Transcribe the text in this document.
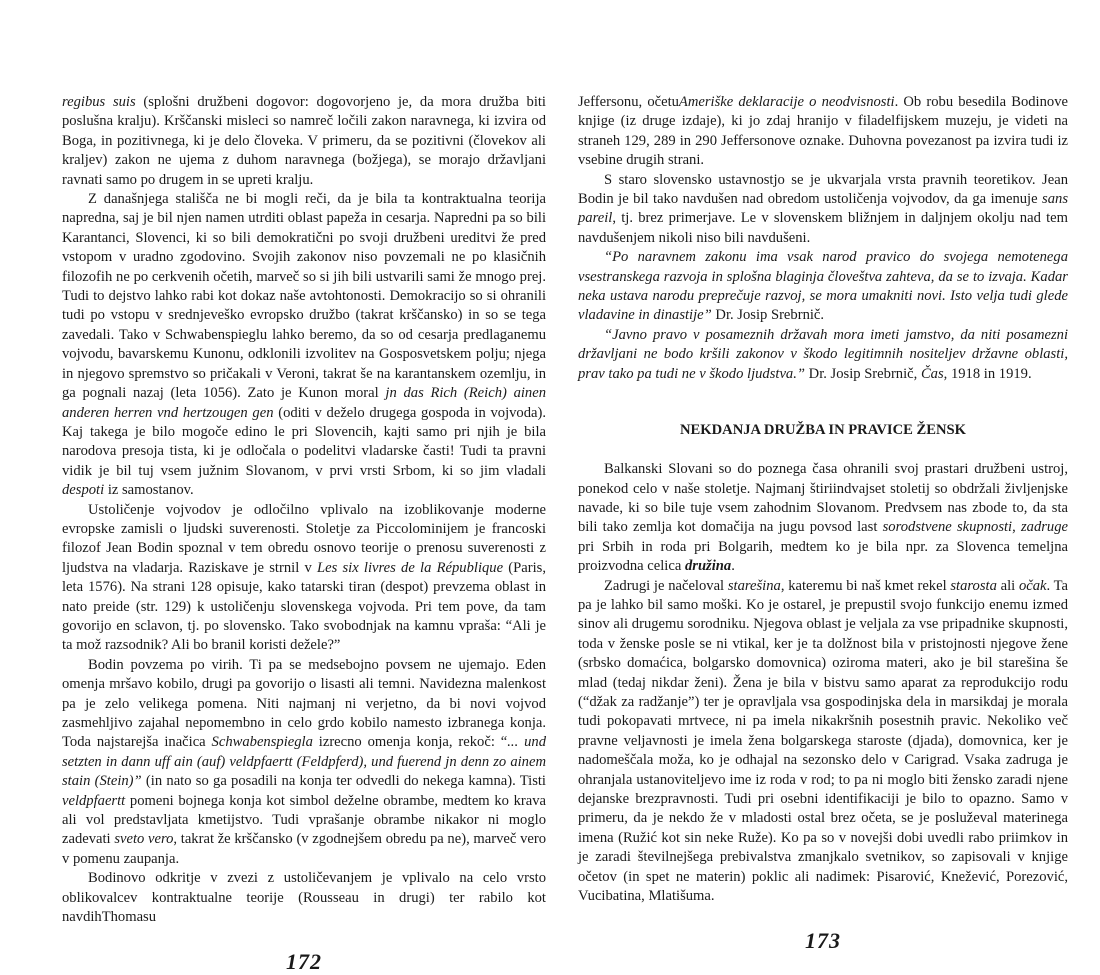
regibus suis (splošni družbeni dogovor: dogovorjeno je, da mora družba biti poslušna kralju). Krščanski misleci so namreč ločili zakon naravnega, ki izvira od Boga, in pozitivnega, ki je delo človeka. V primeru, da se pozitivni (človekov ali kraljev) zakon ne ujema z duhom naravnega (božjega), se morajo državljani ravnati samo po drugem in se upreti kralju.

Z današnjega stališča ne bi mogli reči, da je bila ta kontraktualna teorija napredna, saj je bil njen namen utrditi oblast papeža in cesarja. Napredni pa so bili Karantanci, Slovenci, ki so bili demokratični po svoji družbeni ureditvi že pred vstopom v uradno zgodovino. Svojih zakonov niso povzemali ne po klasičnih filozofih ne po cerkvenih očetih, marveč so si jih bili ustvarili sami že mnogo prej. Tudi to dejstvo lahko rabi kot dokaz naše avtohtonosti. Demokracijo so si ohranili tudi po vstopu v srednjeveško evropsko družbo (takrat krščansko) in so se tega zavedali. Tako v Schwabenspieglu lahko beremo, da so od cesarja predlaganemu vojvodu, bavarskemu Kunonu, odklonili izvolitev na Gosposvetskem polju; njega in njegovo spremstvo so pričakali v Veroni, takrat še na karantanskem ozemlju, in ga pognali nazaj (leta 1056). Zato je Kunon moral jn das Rich (Reich) ainen anderen herren vnd hertzougen gen (oditi v deželo drugega gospoda in vojvoda). Kaj takega je bilo mogoče edino le pri Slovencih, kajti samo pri njih je bila narodova presoja tista, ki je odločala o podelitvi vladarske časti! Tudi ta pravni vidik je bil tuj vsem južnim Slovanom, v prvi vrsti Srbom, ki so jim vladali despoti iz samostanov.

Ustoličenje vojvodov je odločilno vplivalo na izoblikovanje moderne evropske zamisli o ljudski suverenosti. Stoletje za Piccolominijem je francoski filozof Jean Bodin spoznal v tem obredu osnovo teorije o prenosu suverenosti z ljudstva na vladarja. Raziskave je strnil v Les six livres de la République (Paris, leta 1576). Na strani 128 opisuje, kako tatarski tiran (despot) prevzema oblast in nato preide (str. 129) k ustoličenju slovenskega vojvoda. Pri tem pove, da tam govorijo en sclavon, tj. po slovensko. Tako svobodnjak na kamnu vpraša: “Ali je ta mož razsodnik? Ali bo branil koristi dežele?”

Bodin povzema po virih. Ti pa se medsebojno povsem ne ujemajo. Eden omenja mršavo kobilo, drugi pa govorijo o lisasti ali temni. Navidezna malenkost pa je zelo velikega pomena. Niti najmanj ni verjetno, da bi novi vojvod zasmehljivo zajahal nepomembno in celo grdo kobilo namesto izbranega konja. Toda najstarejša inačica Schwabenspiegla izrecno omenja konja, rekoč: “... und setzten in dann uff ain (auf) veldpfaertt (Feldpferd), und fuerend jn denn zo ainem stain (Stein)” (in nato so ga posadili na konja ter odvedli do nekega kamna). Tisti veldpfaertt pomeni bojnega konja kot simbol deželne obrambe, medtem ko krava ali vol predstavljata kmetijstvo. Tudi vprašanje obrambe nikakor ni moglo zadevati sveto vero, takrat že krščansko (v zgodnejšem obredu pa ne), marveč vero v pomenu zaupanja.

Bodinovo odkritje v zvezi z ustoličevanjem je vplivalo na celo vrsto oblikovalcev kontraktualne teorije (Rousseau in drugi) ter rabilo kot navdihThomasu

172

Jeffersonu, očetuAmeriške deklaracije o neodvisnosti. Ob robu besedila Bodinove knjige (iz druge izdaje), ki jo zdaj hranijo v filadelfijskem muzeju, je videti na straneh 129, 289 in 290 Jeffersonove oznake. Duhovna povezanost pa izvira tudi iz vsebine drugih strani.

S staro slovensko ustavnostjo se je ukvarjala vrsta pravnih teoretikov. Jean Bodin je bil tako navdušen nad obredom ustoličenja vojvodov, da ga imenuje sans pareil, tj. brez primerjave. Le v slovenskem bližnjem in daljnjem okolju nad tem navdušenjem nikoli niso bili navdušeni.

“Po naravnem zakonu ima vsak narod pravico do svojega nemotenega vsestranskega razvoja in splošna blaginja človeštva zahteva, da se to izvaja. Kadar neka ustava narodu preprečuje razvoj, se mora umakniti novi. Isto velja tudi glede vladavine in dinastije” Dr. Josip Srebrnič.

“Javno pravo v posameznih državah mora imeti jamstvo, da niti posamezni državljani ne bodo kršili zakonov v škodo legitimnih nositeljev državne oblasti, prav tako pa tudi ne v škodo ljudstva.” Dr. Josip Srebrnič, Čas, 1918 in 1919.

NEKDANJA DRUŽBA IN PRAVICE ŽENSK

Balkanski Slovani so do poznega časa ohranili svoj prastari družbeni ustroj, ponekod celo v naše stoletje. Najmanj štiriindvajset stoletij so obdržali življenjske navade, ki so bile tuje vsem zahodnim Slovanom. Predvsem nas zbode to, da sta bili tako zemlja kot domačija na jugu povsod last sorodstvene skupnosti, zadruge pri Srbih in roda pri Bolgarih, medtem ko je bila npr. za Slovenca temeljna proizvodna celica družina.

Zadrugi je načeloval starešina, kateremu bi naš kmet rekel starosta ali očak. Ta pa je lahko bil samo moški. Ko je ostarel, je prepustil svojo funkcijo enemu izmed sinov ali drugemu sorodniku. Njegova oblast je veljala za vse pripadnike skupnosti, toda v ženske posle se ni vtikal, ker je ta dolžnost bila v pristojnosti njegove žene (srbsko domaćica, bolgarsko domovnica) oziroma materi, ako je bil starešina še mlad (tedaj nikdar ženi). Žena je bila v bistvu samo aparat za reprodukcijo rodu (“džak za radžanje”) ter je opravljala vsa gospodinjska dela in marsikdaj je morala tudi pokopavati mrtvece, ni pa imela nikakršnih posestnih pravic. Nekoliko več pravne veljavnosti je imela žena bolgarskega staroste (djada), domovnica, ker je nadomeščala moža, ko je odhajal na sezonsko delo v Carigrad. Vsaka zadruga je ohranjala ustanoviteljevo ime iz roda v rod; to pa ni moglo biti žensko zaradi njene dejanske brezpravnosti. Tudi pri osebni identifikaciji je bilo to opazno. Samo v primeru, da je nekdo že v mladosti ostal brez očeta, se je posluževal materinega imena (Ružić kot sin neke Ruže). Ko pa so v novejši dobi uvedli rabo priimkov in je zaradi številnejšega prebivalstva zmanjkalo svetnikov, so zapisovali v knjige očetov (in spet ne materin) poklic ali nadimek: Pisarović, Knežević, Porezović, Vucibatina, Mlatišuma.

173
